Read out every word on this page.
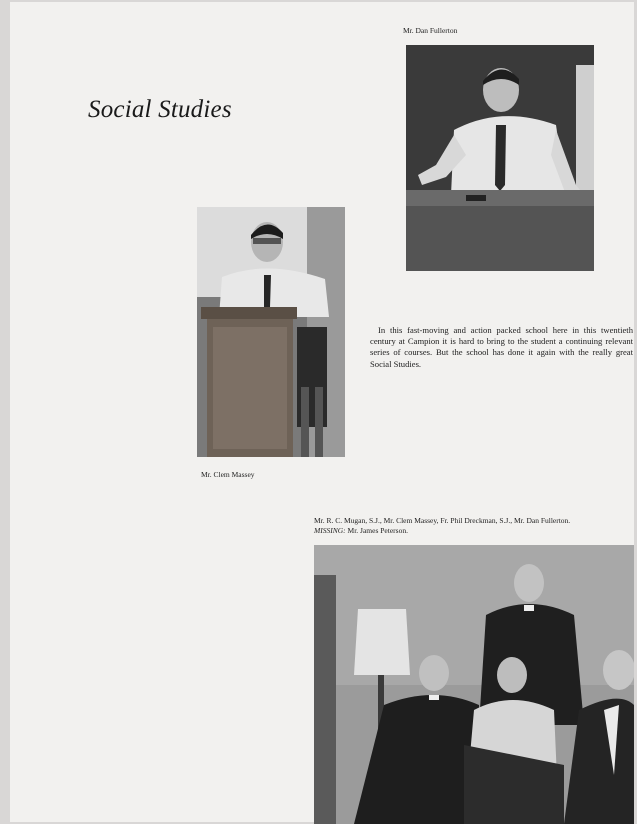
Mr. Dan Fullerton
Social Studies
Mr. Clem Massey
In this fast-moving and action packed school here in this twentieth century at Campion it is hard to bring to the student a continuing relevant series of courses. But the school has done it again with the really great Social Studies.
Mr. R. C. Mugan, S.J., Mr. Clem Massey, Fr. Phil Dreckman, S.J., Mr. Dan Fullerton. MISSING: Mr. James Peterson.
